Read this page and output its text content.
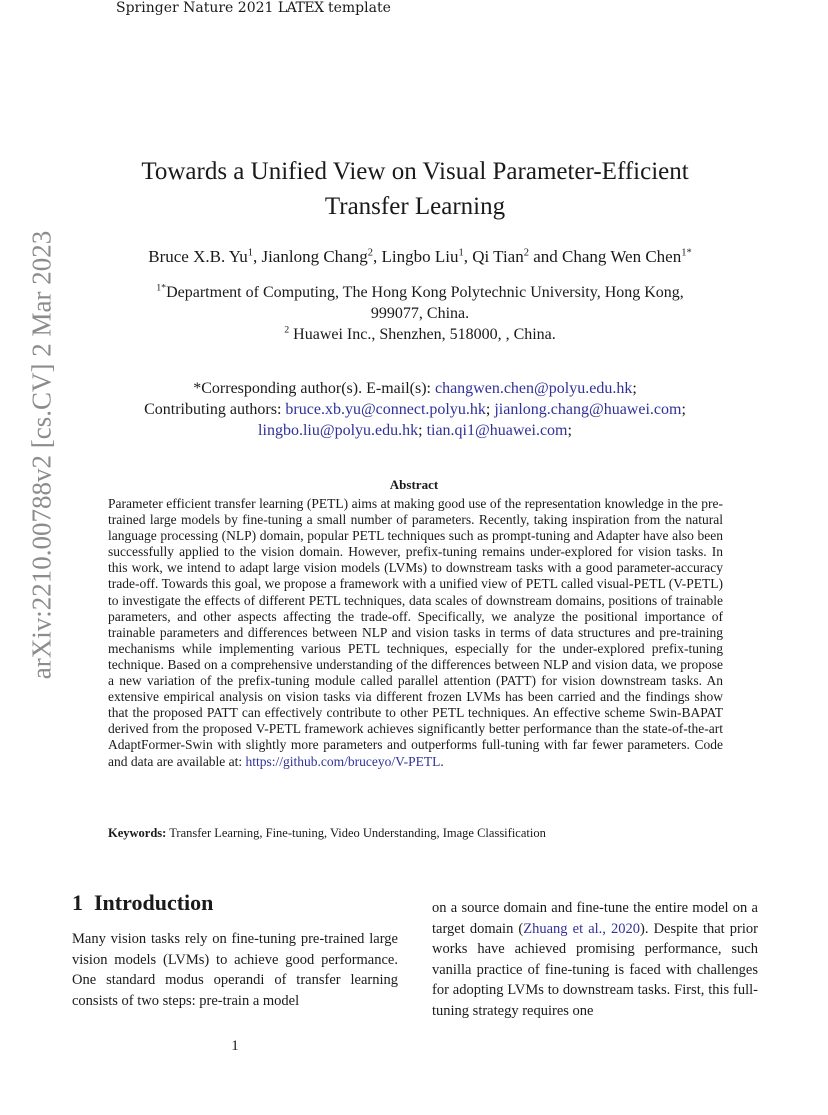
Springer Nature 2021 LATEX template
arXiv:2210.00788v2 [cs.CV] 2 Mar 2023
Towards a Unified View on Visual Parameter-Efficient
Transfer Learning
Bruce X.B. Yu$^1$, Jianlong Chang$^2$, Lingbo Liu$^1$, Qi Tian$^2$ and Chang Wen Chen$^{1*}$
$^{1*}$Department of Computing, The Hong Kong Polytechnic University, Hong Kong,
999077, China.
$^2$ Huawei Inc., Shenzhen, 518000, , China.
*Corresponding author(s). E-mail(s): changwen.chen@polyu.edu.hk;
Contributing authors: bruce.xb.yu@connect.polyu.hk; jianlong.chang@huawei.com;
lingbo.liu@polyu.edu.hk; tian.qi1@huawei.com;
Abstract
Parameter efficient transfer learning (PETL) aims at making good use of the representation knowledge in the pre-trained large models by fine-tuning a small number of parameters. Recently, taking inspiration from the natural language processing (NLP) domain, popular PETL techniques such as prompt-tuning and Adapter have also been successfully applied to the vision domain. However, prefix-tuning remains under-explored for vision tasks. In this work, we intend to adapt large vision models (LVMs) to downstream tasks with a good parameter-accuracy trade-off. Towards this goal, we propose a framework with a unified view of PETL called visual-PETL (V-PETL) to investigate the effects of different PETL techniques, data scales of downstream domains, positions of trainable parameters, and other aspects affecting the trade-off. Specifically, we analyze the positional importance of trainable parameters and differences between NLP and vision tasks in terms of data structures and pre-training mechanisms while implementing various PETL techniques, especially for the under-explored prefix-tuning technique. Based on a comprehensive understanding of the differences between NLP and vision data, we propose a new variation of the prefix-tuning module called parallel attention (PATT) for vision downstream tasks. An extensive empirical analysis on vision tasks via different frozen LVMs has been carried and the findings show that the proposed PATT can effectively contribute to other PETL techniques. An effective scheme Swin-BAPAT derived from the proposed V-PETL framework achieves significantly better performance than the state-of-the-art AdaptFormer-Swin with slightly more parameters and outperforms full-tuning with far fewer parameters. Code and data are available at: https://github.com/bruceyo/V-PETL.
Keywords: Transfer Learning, Fine-tuning, Video Understanding, Image Classification
1  Introduction
Many vision tasks rely on fine-tuning pre-trained large vision models (LVMs) to achieve good performance. One standard modus operandi of transfer learning consists of two steps: pre-train a model
on a source domain and fine-tune the entire model on a target domain (Zhuang et al., 2020). Despite that prior works have achieved promising performance, such vanilla practice of fine-tuning is faced with challenges for adopting LVMs to downstream tasks. First, this full-tuning strategy requires one
1
